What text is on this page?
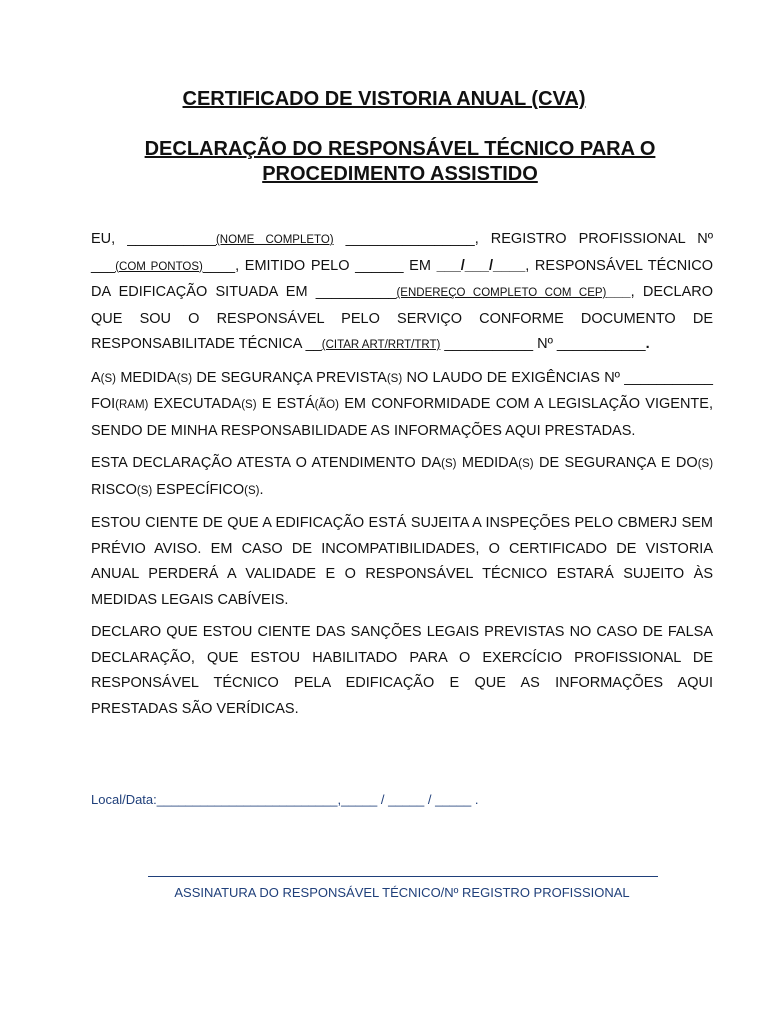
CERTIFICADO DE VISTORIA ANUAL (CVA)
DECLARAÇÃO DO RESPONSÁVEL TÉCNICO PARA O
PROCEDIMENTO ASSISTIDO

EU, ___________(NOME COMPLETO) ________________, REGISTRO PROFISSIONAL Nº ___(COM PONTOS)____, EMITIDO PELO ______ EM ___/___/____, RESPONSÁVEL TÉCNICO DA EDIFICAÇÃO SITUADA EM __________(ENDEREÇO COMPLETO COM CEP)___, DECLARO QUE SOU O RESPONSÁVEL PELO SERVIÇO CONFORME DOCUMENTO DE RESPONSABILITADE TÉCNICA __(CITAR ART/RRT/TRT) ___________ Nº ___________.

A(S) MEDIDA(S) DE SEGURANÇA PREVISTA(S) NO LAUDO DE EXIGÊNCIAS Nº ___________ FOI(RAM) EXECUTADA(S) E ESTÁ(ÃO) EM CONFORMIDADE COM A LEGISLAÇÃO VIGENTE, SENDO DE MINHA RESPONSABILIDADE AS INFORMAÇÕES AQUI PRESTADAS.

ESTA DECLARAÇÃO ATESTA O ATENDIMENTO DA(S) MEDIDA(S) DE SEGURANÇA E DO(S) RISCO(S) ESPECÍFICO(S).

ESTOU CIENTE DE QUE A EDIFICAÇÃO ESTÁ SUJEITA A INSPEÇÕES PELO CBMERJ SEM PRÉVIO AVISO. EM CASO DE INCOMPATIBILIDADES, O CERTIFICADO DE VISTORIA ANUAL PERDERÁ A VALIDADE E O RESPONSÁVEL TÉCNICO ESTARÁ SUJEITO ÀS MEDIDAS LEGAIS CABÍVEIS.

DECLARO QUE ESTOU CIENTE DAS SANÇÕES LEGAIS PREVISTAS NO CASO DE FALSA DECLARAÇÃO, QUE ESTOU HABILITADO PARA O EXERCÍCIO PROFISSIONAL DE RESPONSÁVEL TÉCNICO PELA EDIFICAÇÃO E QUE AS INFORMAÇÕES AQUI PRESTADAS SÃO VERÍDICAS.

Local/Data:_________________________,_____ / _____ / _____ .
ASSINATURA DO RESPONSÁVEL TÉCNICO/Nº REGISTRO PROFISSIONAL
